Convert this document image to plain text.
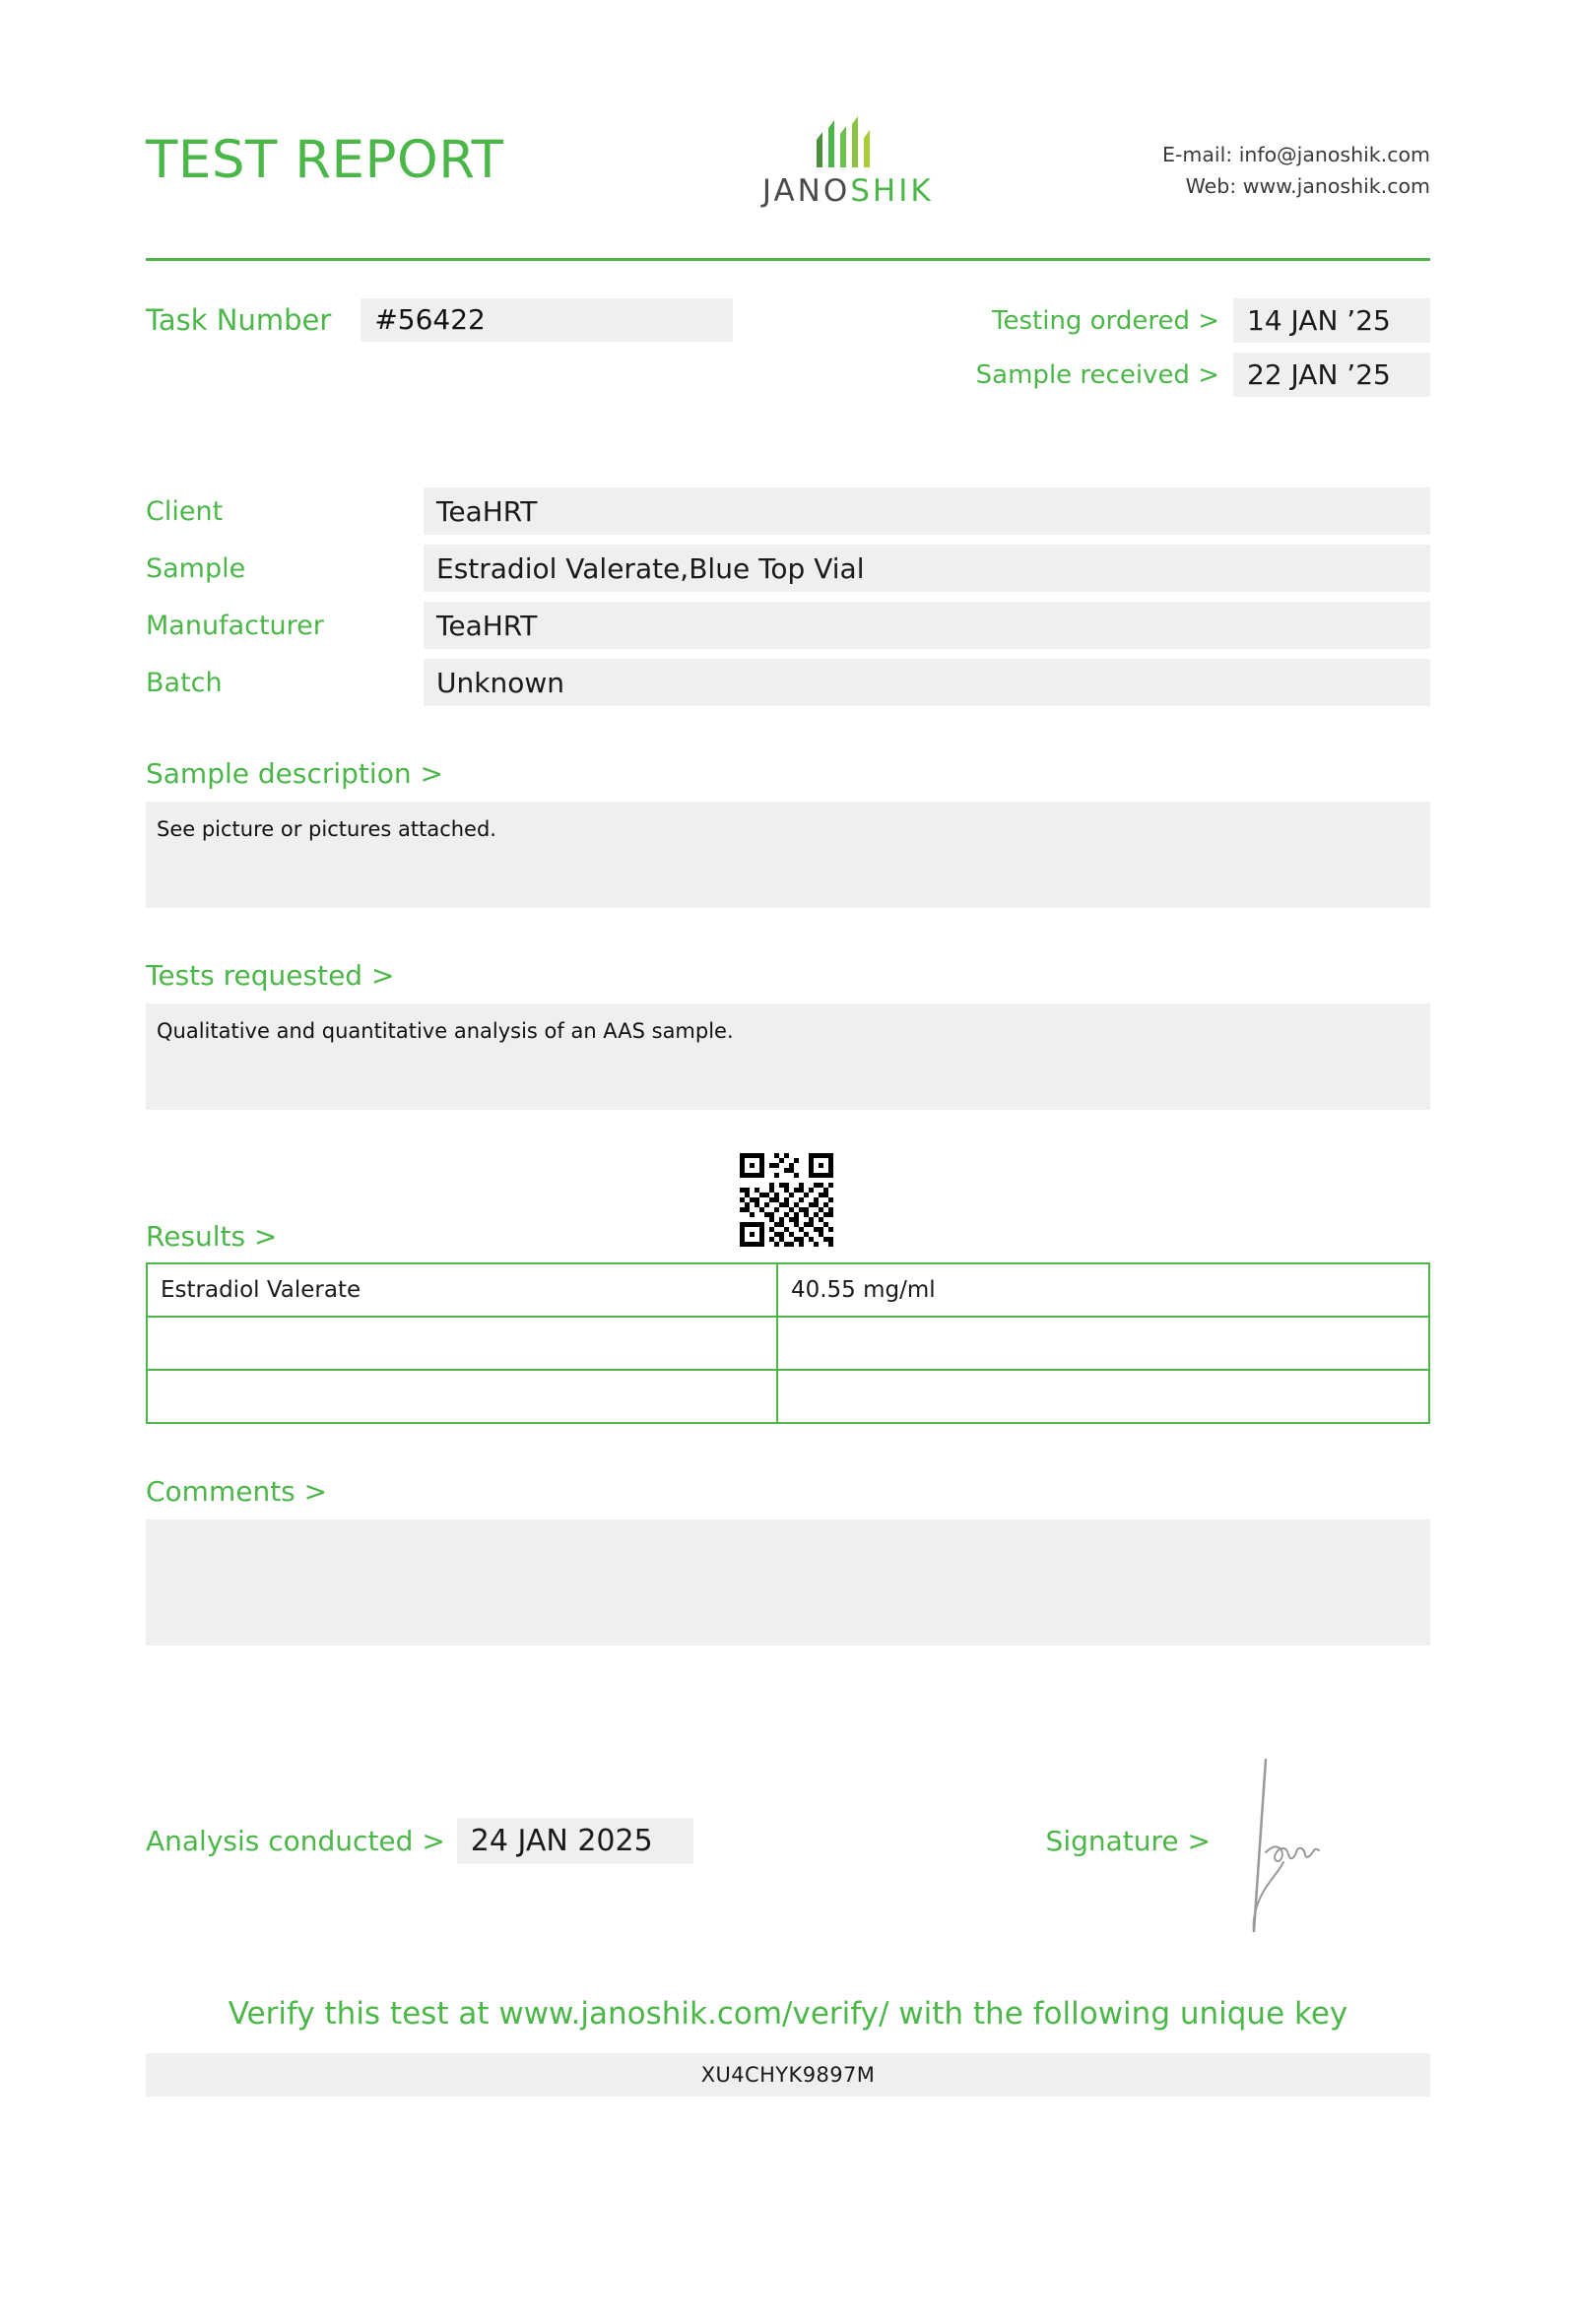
TEST REPORT
JANOSHIK
E-mail: info@janoshik.com
Web: www.janoshik.com
Task Number	#56422	Testing ordered >	14 JAN ’25
Sample received >	22 JAN ’25
Client	TeaHRT
Sample	Estradiol Valerate,Blue Top Vial
Manufacturer	TeaHRT
Batch	Unknown
Sample description >
See picture or pictures attached.
Tests requested >
Qualitative and quantitative analysis of an AAS sample.
Results >
Estradiol Valerate	40.55 mg/ml

Comments >
Analysis conducted > 24 JAN 2025	Signature >
Verify this test at www.janoshik.com/verify/ with the following unique key
XU4CHYK9897M
